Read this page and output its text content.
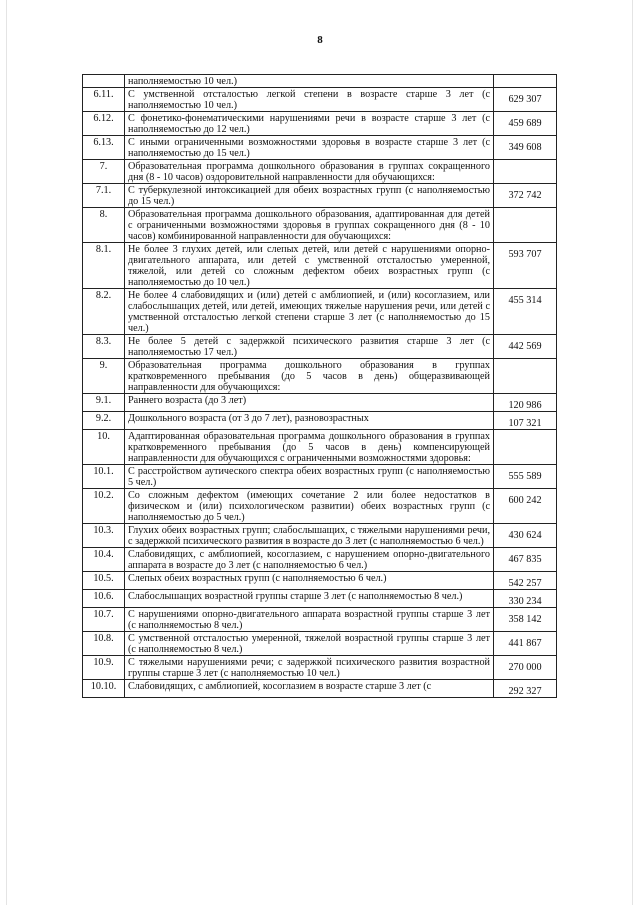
8
	наполняемостью 10 чел.)	
6.11.	С умственной отсталостью легкой степени в возрасте старше 3 лет (с наполняемостью 10 чел.)	629 307
6.12.	С фонетико-фонематическими нарушениями речи в возрасте старше 3 лет (с наполняемостью до 12 чел.)	459 689
6.13.	С иными ограниченными возможностями здоровья в возрасте старше 3 лет (с наполняемостью до 15 чел.)	349 608
7.	Образовательная программа дошкольного образования в группах сокращенного дня (8 - 10 часов) оздоровительной направленности для обучающихся:	
7.1.	С туберкулезной интоксикацией для обеих возрастных групп (с наполняемостью до 15 чел.)	372 742
8.	Образовательная программа дошкольного образования, адаптированная для детей с ограниченными возможностями здоровья в группах сокращенного дня (8 - 10 часов) комбинированной направленности для обучающихся:	
8.1.	Не более 3 глухих детей, или слепых детей, или детей с нарушениями опорно-двигательного аппарата, или детей с умственной отсталостью умеренной, тяжелой, или детей со сложным дефектом обеих возрастных групп (с наполняемостью до 10 чел.)	593 707
8.2.	Не более 4 слабовидящих и (или) детей с амблиопией, и (или) косоглазием, или слабослышащих детей, или детей, имеющих тяжелые нарушения речи, или детей с умственной отсталостью легкой степени старше 3 лет (с наполняемостью до 15 чел.)	455 314
8.3.	Не более 5 детей с задержкой психического развития старше 3 лет (с наполняемостью 17 чел.)	442 569
9.	Образовательная программа дошкольного образования в группах кратковременного пребывания (до 5 часов в день) общеразвивающей направленности для обучающихся:	
9.1.	Раннего возраста (до 3 лет)	120 986
9.2.	Дошкольного возраста (от 3 до 7 лет), разновозрастных	107 321
10.	Адаптированная образовательная программа дошкольного образования в группах кратковременного пребывания (до 5 часов в день) компенсирующей направленности для обучающихся с ограниченными возможностями здоровья:	
10.1.	С расстройством аутического спектра обеих возрастных групп (с наполняемостью 5 чел.)	555 589
10.2.	Со сложным дефектом (имеющих сочетание 2 или более недостатков в физическом и (или) психологическом развитии) обеих возрастных групп (с наполняемостью до 5 чел.)	600 242
10.3.	Глухих обеих возрастных групп; слабослышащих, с тяжелыми нарушениями речи, с задержкой психического развития в возрасте до 3 лет (с наполняемостью 6 чел.)	430 624
10.4.	Слабовидящих, с амблиопией, косоглазием, с нарушением опорно-двигательного аппарата в возрасте до 3 лет (с наполняемостью 6 чел.)	467 835
10.5.	Слепых обеих возрастных групп (с наполняемостью 6 чел.)	542 257
10.6.	Слабослышащих возрастной группы старше 3 лет (с наполняемостью 8 чел.)	330 234
10.7.	С нарушениями опорно-двигательного аппарата возрастной группы старше 3 лет (с наполняемостью 8 чел.)	358 142
10.8.	С умственной отсталостью умеренной, тяжелой возрастной группы старше 3 лет (с наполняемостью 8 чел.)	441 867
10.9.	С тяжелыми нарушениями речи; с задержкой психического развития возрастной группы старше 3 лет (с наполняемостью 10 чел.)	270 000
10.10.	Слабовидящих, с амблиопией, косоглазием в возрасте старше 3 лет (с	292 327
